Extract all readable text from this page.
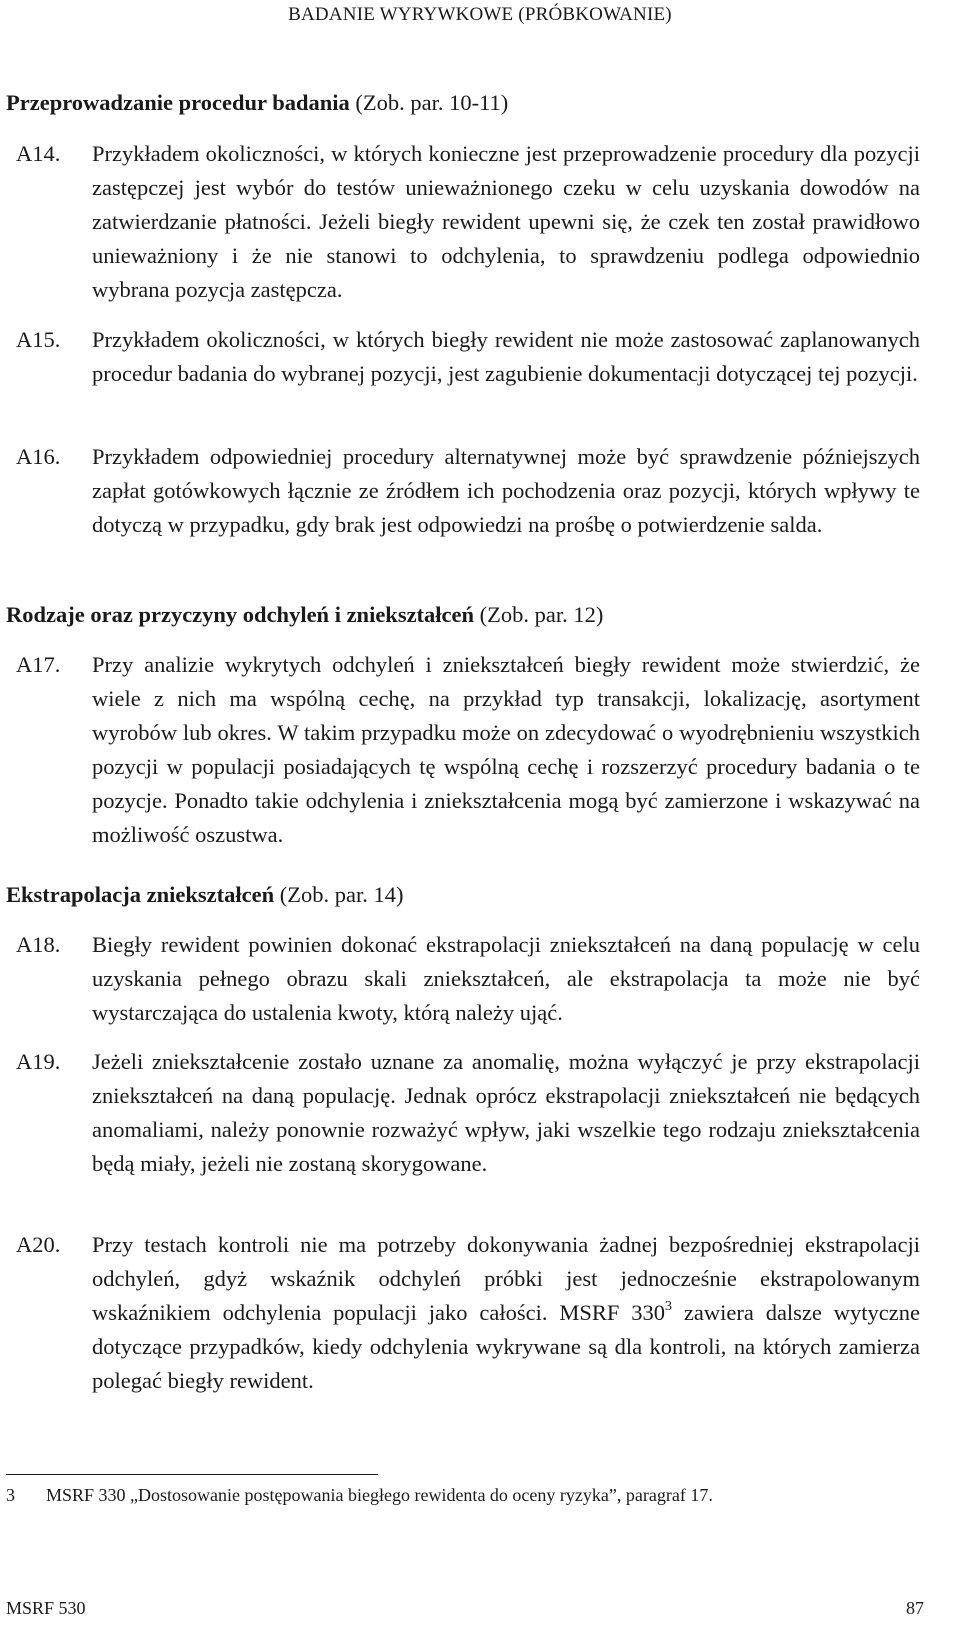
BADANIE WYRYWKOWE (PRÓBKOWANIE)
Przeprowadzanie procedur badania (Zob. par. 10-11)
A14. Przykładem okoliczności, w których konieczne jest przeprowadzenie procedury dla pozycji zastępczej jest wybór do testów unieważnionego czeku w celu uzyskania dowodów na zatwierdzanie płatności. Jeżeli biegły rewident upewni się, że czek ten został prawidłowo unieważniony i że nie stanowi to odchylenia, to sprawdzeniu podlega odpowiednio wybrana pozycja zastępcza.
A15. Przykładem okoliczności, w których biegły rewident nie może zastosować zaplanowanych procedur badania do wybranej pozycji, jest zagubienie dokumentacji dotyczącej tej pozycji.
A16. Przykładem odpowiedniej procedury alternatywnej może być sprawdzenie późniejszych zapłat gotówkowych łącznie ze źródłem ich pochodzenia oraz pozycji, których wpływy te dotyczą w przypadku, gdy brak jest odpowiedzi na prośbę o potwierdzenie salda.
Rodzaje oraz przyczyny odchyleń i zniekształceń (Zob. par. 12)
A17. Przy analizie wykrytych odchyleń i zniekształceń biegły rewident może stwierdzić, że wiele z nich ma wspólną cechę, na przykład typ transakcji, lokalizację, asortyment wyrobów lub okres. W takim przypadku może on zdecydować o wyodrębnieniu wszystkich pozycji w populacji posiadających tę wspólną cechę i rozszerzyć procedury badania o te pozycje. Ponadto takie odchylenia i zniekształcenia mogą być zamierzone i wskazywać na możliwość oszustwa.
Ekstrapolacja zniekształceń (Zob. par. 14)
A18. Biegły rewident powinien dokonać ekstrapolacji zniekształceń na daną populację w celu uzyskania pełnego obrazu skali zniekształceń, ale ekstrapolacja ta może nie być wystarczająca do ustalenia kwoty, którą należy ująć.
A19. Jeżeli zniekształcenie zostało uznane za anomalię, można wyłączyć je przy ekstrapolacji zniekształceń na daną populację. Jednak oprócz ekstrapolacji zniekształceń nie będących anomaliami, należy ponownie rozważyć wpływ, jaki wszelkie tego rodzaju zniekształcenia będą miały, jeżeli nie zostaną skorygowane.
A20. Przy testach kontroli nie ma potrzeby dokonywania żadnej bezpośredniej ekstrapolacji odchyleń, gdyż wskaźnik odchyleń próbki jest jednocześnie ekstrapolowanym wskaźnikiem odchylenia populacji jako całości. MSRF 330$^3$ zawiera dalsze wytyczne dotyczące przypadków, kiedy odchylenia wykrywane są dla kontroli, na których zamierza polegać biegły rewident.
3 MSRF 330 „Dostosowanie postępowania biegłego rewidenta do oceny ryzyka”, paragraf 17.
MSRF 530	87
